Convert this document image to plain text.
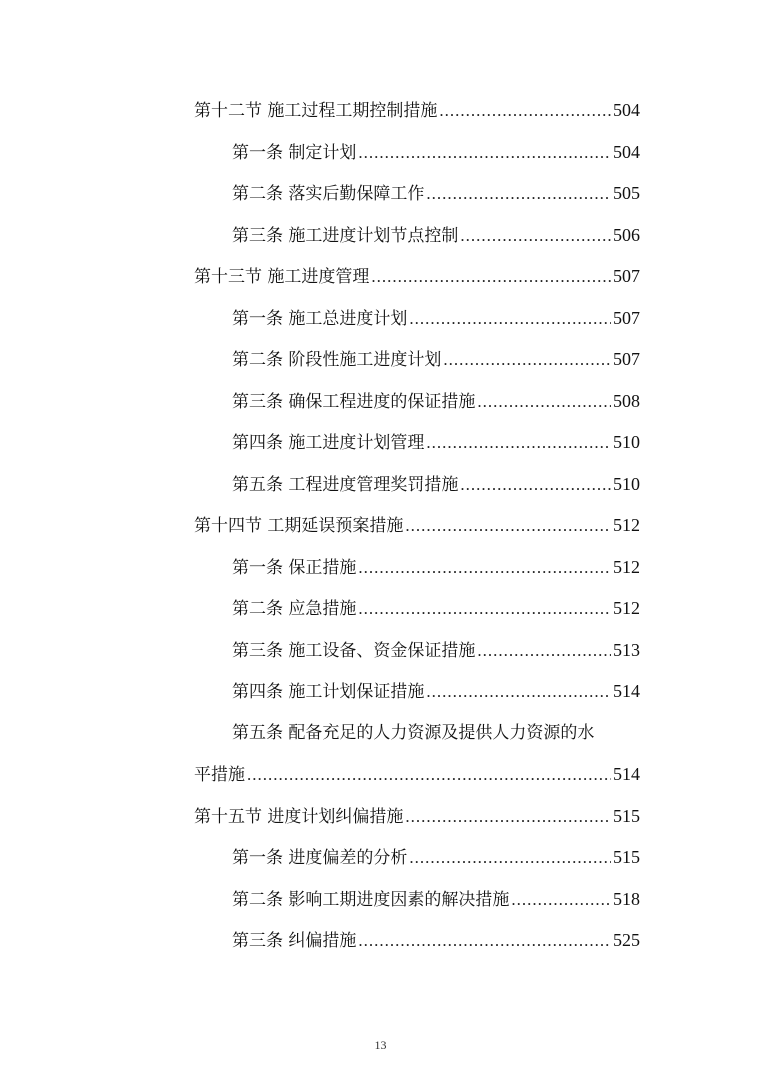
第十二节 施工过程工期控制措施 .....	504
第一条 制定计划 .....	504
第二条 落实后勤保障工作 .....	505
第三条 施工进度计划节点控制 .....	506
第十三节 施工进度管理 .....	507
第一条 施工总进度计划 .....	507
第二条 阶段性施工进度计划 .....	507
第三条 确保工程进度的保证措施 .....	508
第四条 施工进度计划管理 .....	510
第五条 工程进度管理奖罚措施 .....	510
第十四节 工期延误预案措施 .....	512
第一条 保正措施 .....	512
第二条 应急措施 .....	512
第三条 施工设备、资金保证措施 .....	513
第四条 施工计划保证措施 .....	514
第五条 配备充足的人力资源及提供人力资源的水
平措施 .....	514
第十五节 进度计划纠偏措施 .....	515
第一条 进度偏差的分析 .....	515
第二条 影响工期进度因素的解决措施 .....	518
第三条 纠偏措施 .....	525
13
